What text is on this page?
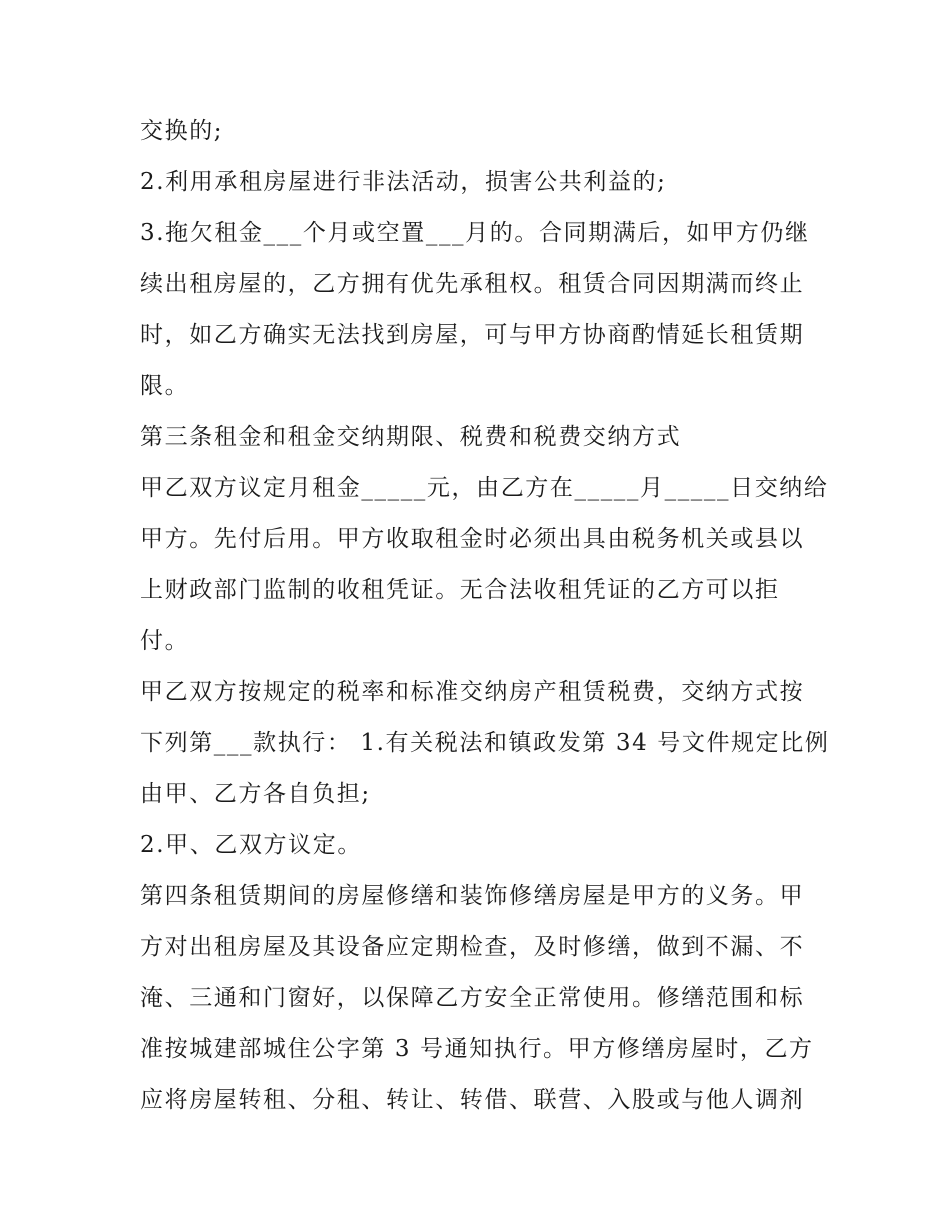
交换的;
2.利用承租房屋进行非法活动，损害公共利益的;
3.拖欠租金___个月或空置___月的。合同期满后，如甲方仍继
续出租房屋的，乙方拥有优先承租权。租赁合同因期满而终止
时，如乙方确实无法找到房屋，可与甲方协商酌情延长租赁期
限。
第三条租金和租金交纳期限、税费和税费交纳方式
甲乙双方议定月租金_____元，由乙方在_____月_____日交纳给
甲方。先付后用。甲方收取租金时必须出具由税务机关或县以
上财政部门监制的收租凭证。无合法收租凭证的乙方可以拒
付。
甲乙双方按规定的税率和标准交纳房产租赁税费，交纳方式按
下列第___款执行： 1.有关税法和镇政发第 34 号文件规定比例
由甲、乙方各自负担;
2.甲、乙双方议定。
第四条租赁期间的房屋修缮和装饰修缮房屋是甲方的义务。甲
方对出租房屋及其设备应定期检查，及时修缮，做到不漏、不
淹、三通和门窗好，以保障乙方安全正常使用。修缮范围和标
准按城建部城住公字第 3 号通知执行。甲方修缮房屋时，乙方
应将房屋转租、分租、转让、转借、联营、入股或与他人调剂
